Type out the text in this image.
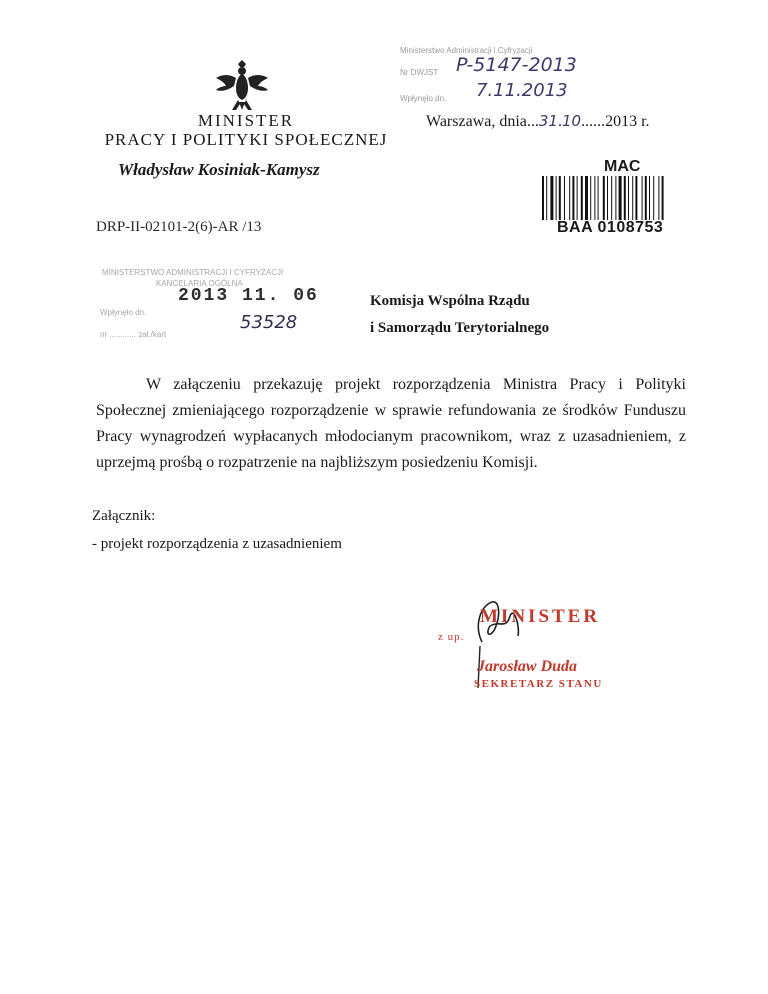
MINISTER
PRACY I POLITYKI SPOŁECZNEJ
Władysław Kosiniak-Kamysz
DRP-II-02101-2(6)-AR /13
Ministerstwo Administracji i Cyfryzacji
Nr DWJST P-5147-2013
Wpłynęło dn. 7.11.2013
Warszawa, dnia...31.10......2013 r.
MAC
BAA 0108753
MINISTERSTWO ADMINISTRACJI I CYFRYZACJI
KANCELARIA OGÓLNA
2013 11. 06
Wpłynęło dn.
nr ............ zał./kart
53528
Komisja Wspólna Rządu
i Samorządu Terytorialnego
W załączeniu przekazuję projekt rozporządzenia Ministra Pracy i Polityki Społecznej zmieniającego rozporządzenie w sprawie refundowania ze środków Funduszu Pracy wynagrodzeń wypłacanych młodocianym pracownikom, wraz z uzasadnieniem, z uprzejmą prośbą o rozpatrzenie na najbliższym posiedzeniu Komisji.
Załącznik:
- projekt rozporządzenia z uzasadnieniem
z up.
MINISTER
Jarosław Duda
SEKRETARZ STANU
